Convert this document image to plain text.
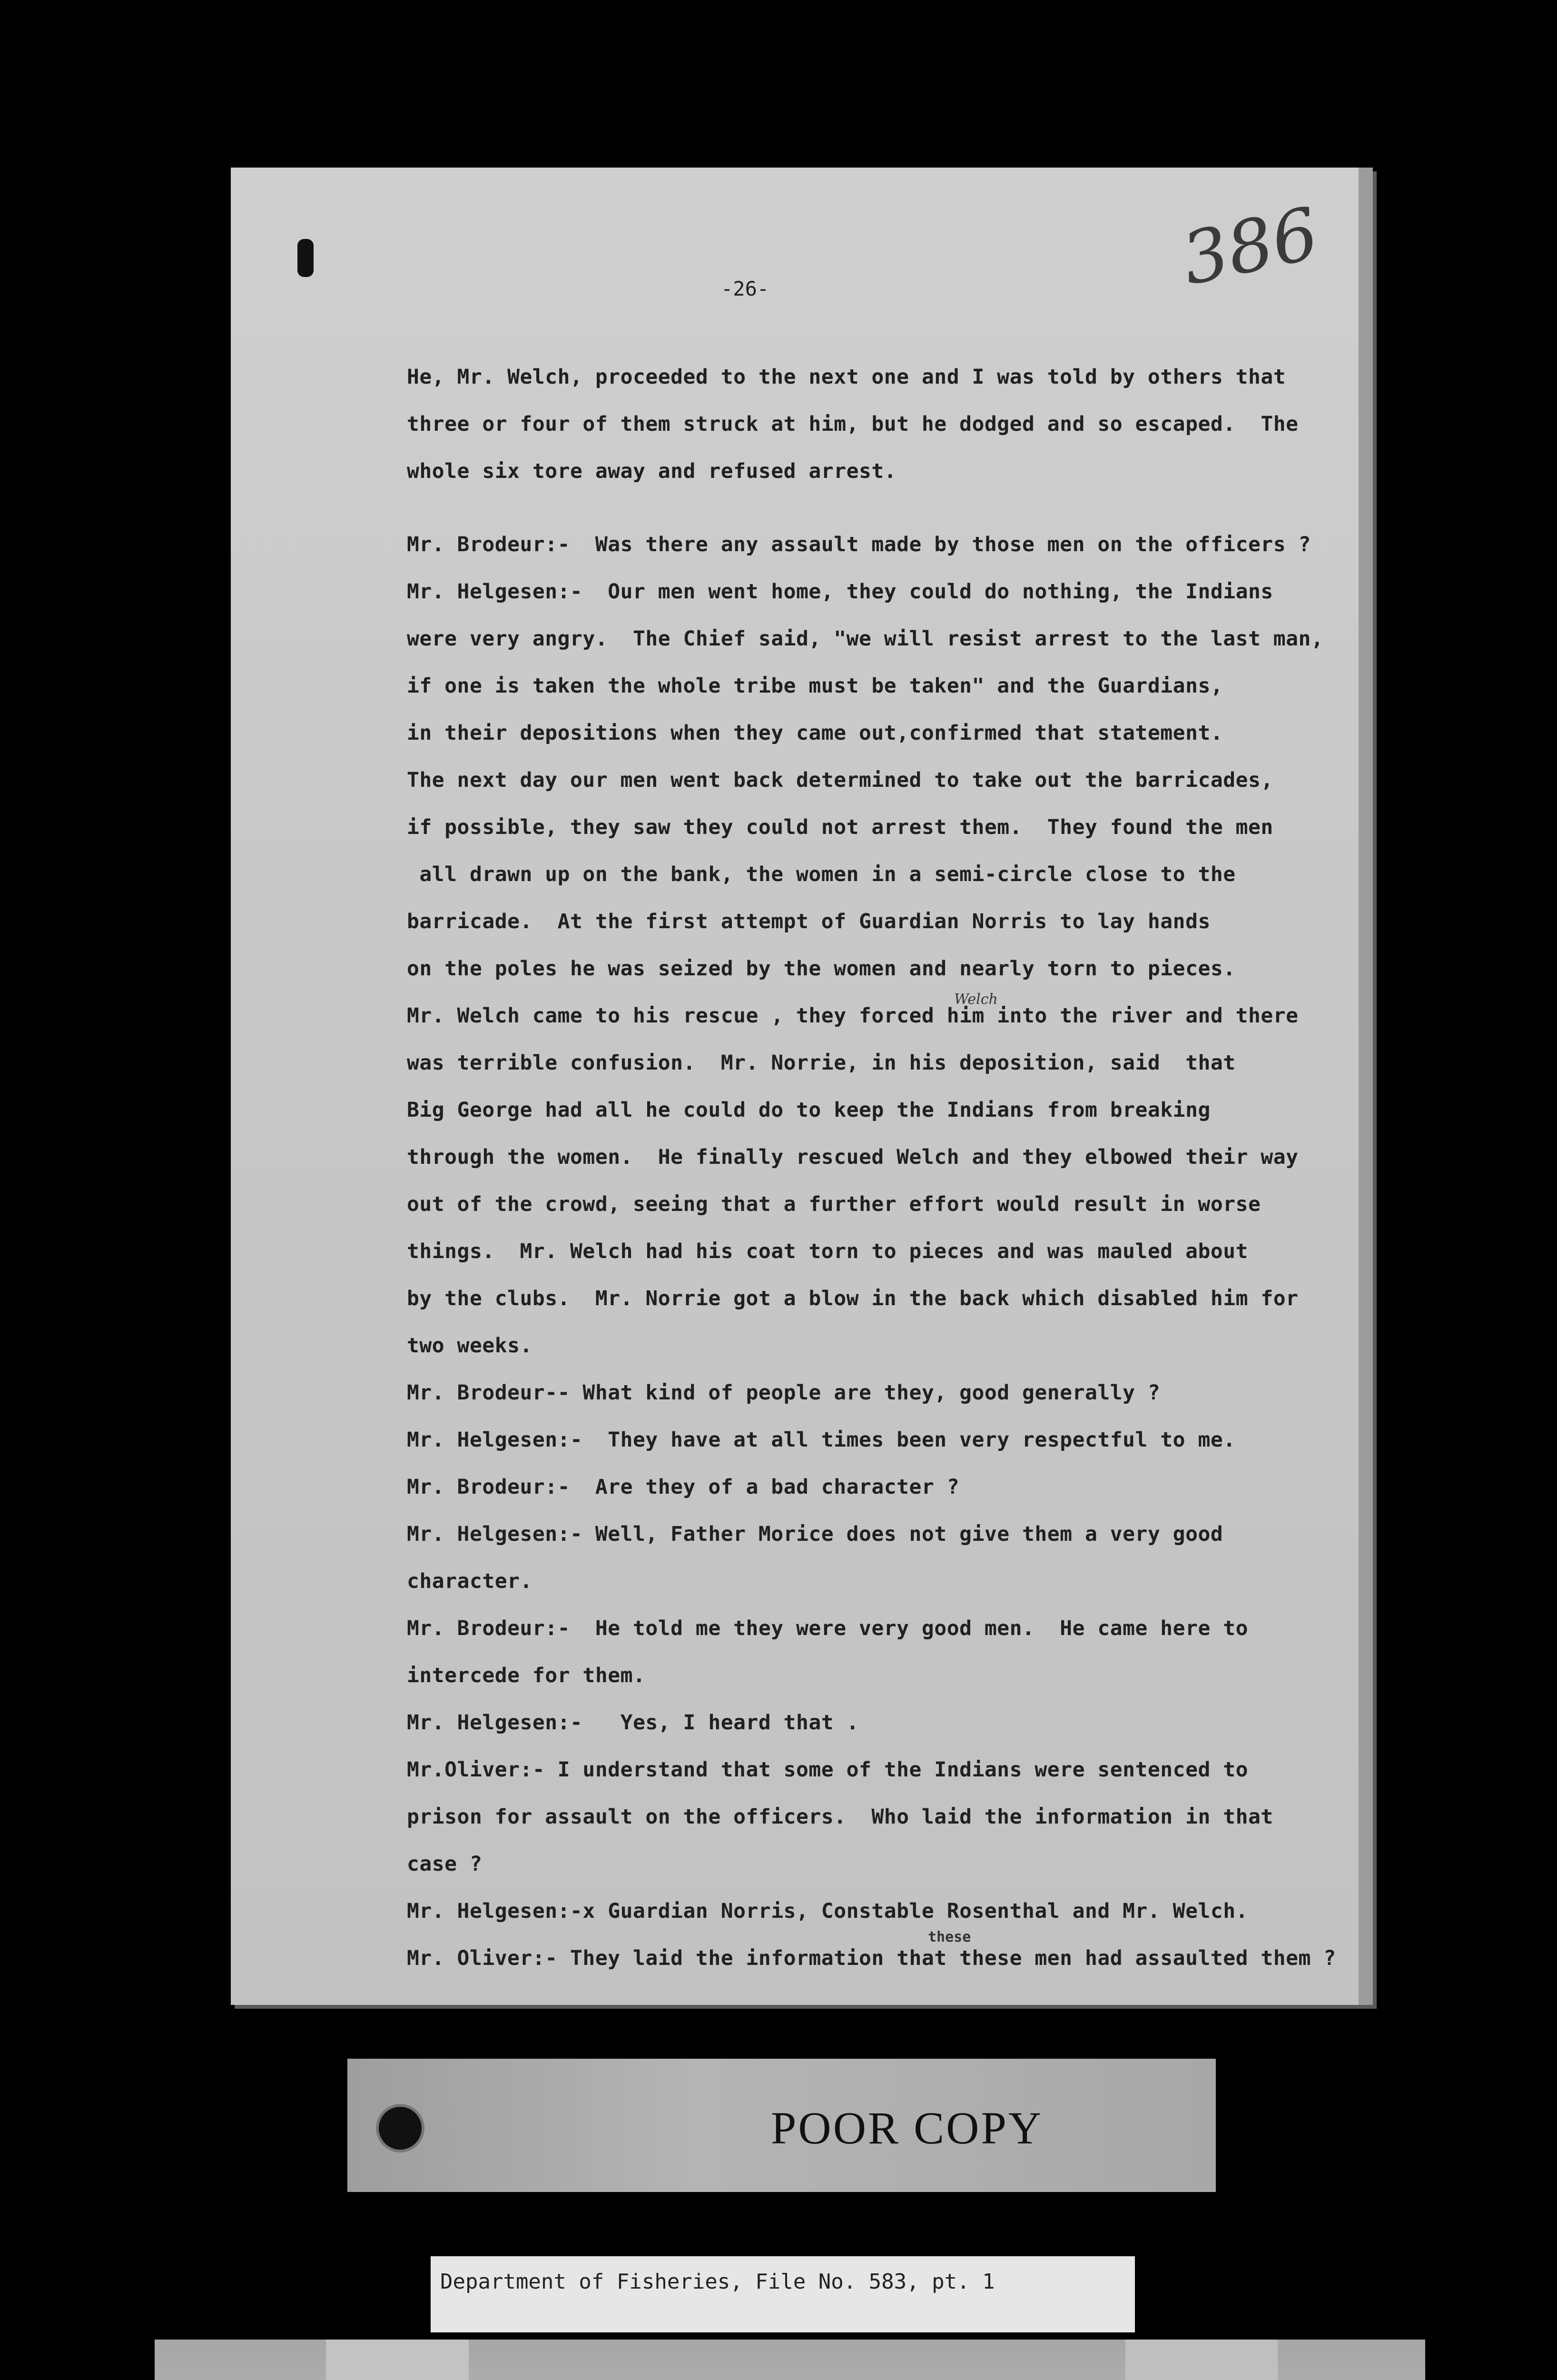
386
-26-
Welch
these
He, Mr. Welch, proceeded to the next one and I was told by others that
three or four of them struck at him, but he dodged and so escaped.  The
whole six tore away and refused arrest.
Mr. Brodeur:-  Was there any assault made by those men on the officers ?
Mr. Helgesen:-  Our men went home, they could do nothing, the Indians
were very angry.  The Chief said, "we will resist arrest to the last man,
if one is taken the whole tribe must be taken" and the Guardians,
in their depositions when they came out,confirmed that statement.
The next day our men went back determined to take out the barricades,
if possible, they saw they could not arrest them.  They found the men
all drawn up on the bank, the women in a semi-circle close to the
barricade.  At the first attempt of Guardian Norris to lay hands
on the poles he was seized by the women and nearly torn to pieces.
Mr. Welch came to his rescue , they forced him into the river and there
was terrible confusion.  Mr. Norrie, in his deposition, said  that
Big George had all he could do to keep the Indians from breaking
through the women.  He finally rescued Welch and they elbowed their way
out of the crowd, seeing that a further effort would result in worse
things.  Mr. Welch had his coat torn to pieces and was mauled about
by the clubs.  Mr. Norrie got a blow in the back which disabled him for
two weeks.
Mr. Brodeur-- What kind of people are they, good generally ?
Mr. Helgesen:-  They have at all times been very respectful to me.
Mr. Brodeur:-  Are they of a bad character ?
Mr. Helgesen:- Well, Father Morice does not give them a very good
character.
Mr. Brodeur:-  He told me they were very good men.  He came here to
intercede for them.
Mr. Helgesen:-   Yes, I heard that .
Mr.Oliver:- I understand that some of the Indians were sentenced to
prison for assault on the officers.  Who laid the information in that
case ?
Mr. Helgesen:-x Guardian Norris, Constable Rosenthal and Mr. Welch.
Mr. Oliver:- They laid the information that these men had assaulted them ?
POOR COPY
Department of Fisheries, File No. 583, pt. 1
